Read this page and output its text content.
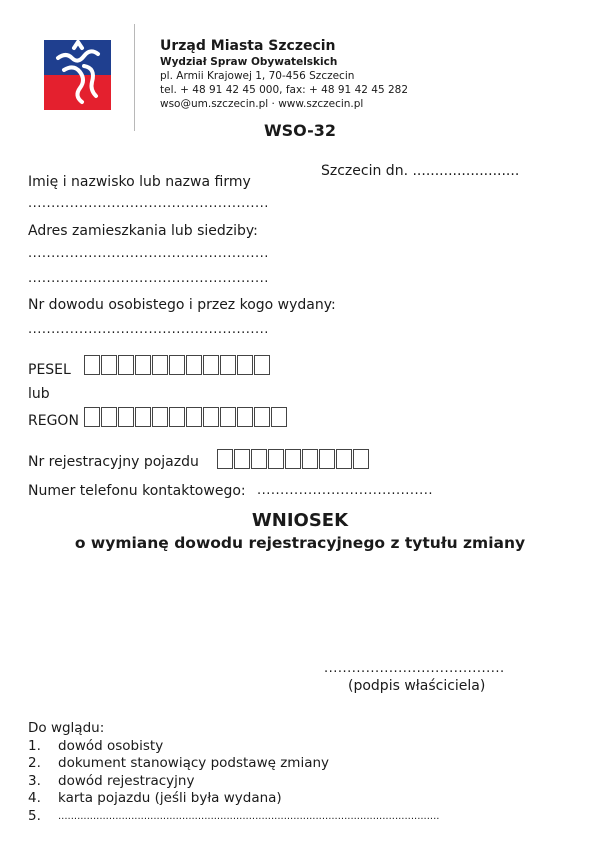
Urząd Miasta Szczecin
Wydział Spraw Obywatelskich
pl. Armii Krajowej 1, 70-456 Szczecin
tel. + 48 91 42 45 000, fax: + 48 91 42 45 282
wso@um.szczecin.pl · www.szczecin.pl
WSO-32
Szczecin dn. ........................
Imię i nazwisko lub nazwa firmy
....................................................
Adres zamieszkania lub siedziby:
....................................................
....................................................
Nr dowodu osobistego i przez kogo wydany:
....................................................
PESEL
lub
REGON
Nr rejestracyjny pojazdu
Numer telefonu kontaktowego: ......................................
WNIOSEK
o wymianę dowodu rejestracyjnego z tytułu zmiany
.......................................
(podpis właściciela)
Do wglądu:
1.	dowód osobisty
2.	dokument stanowiący podstawę zmiany
3.	dowód rejestracyjny
4.	karta pojazdu (jeśli była wydana)
5.	........................................................................................................................
